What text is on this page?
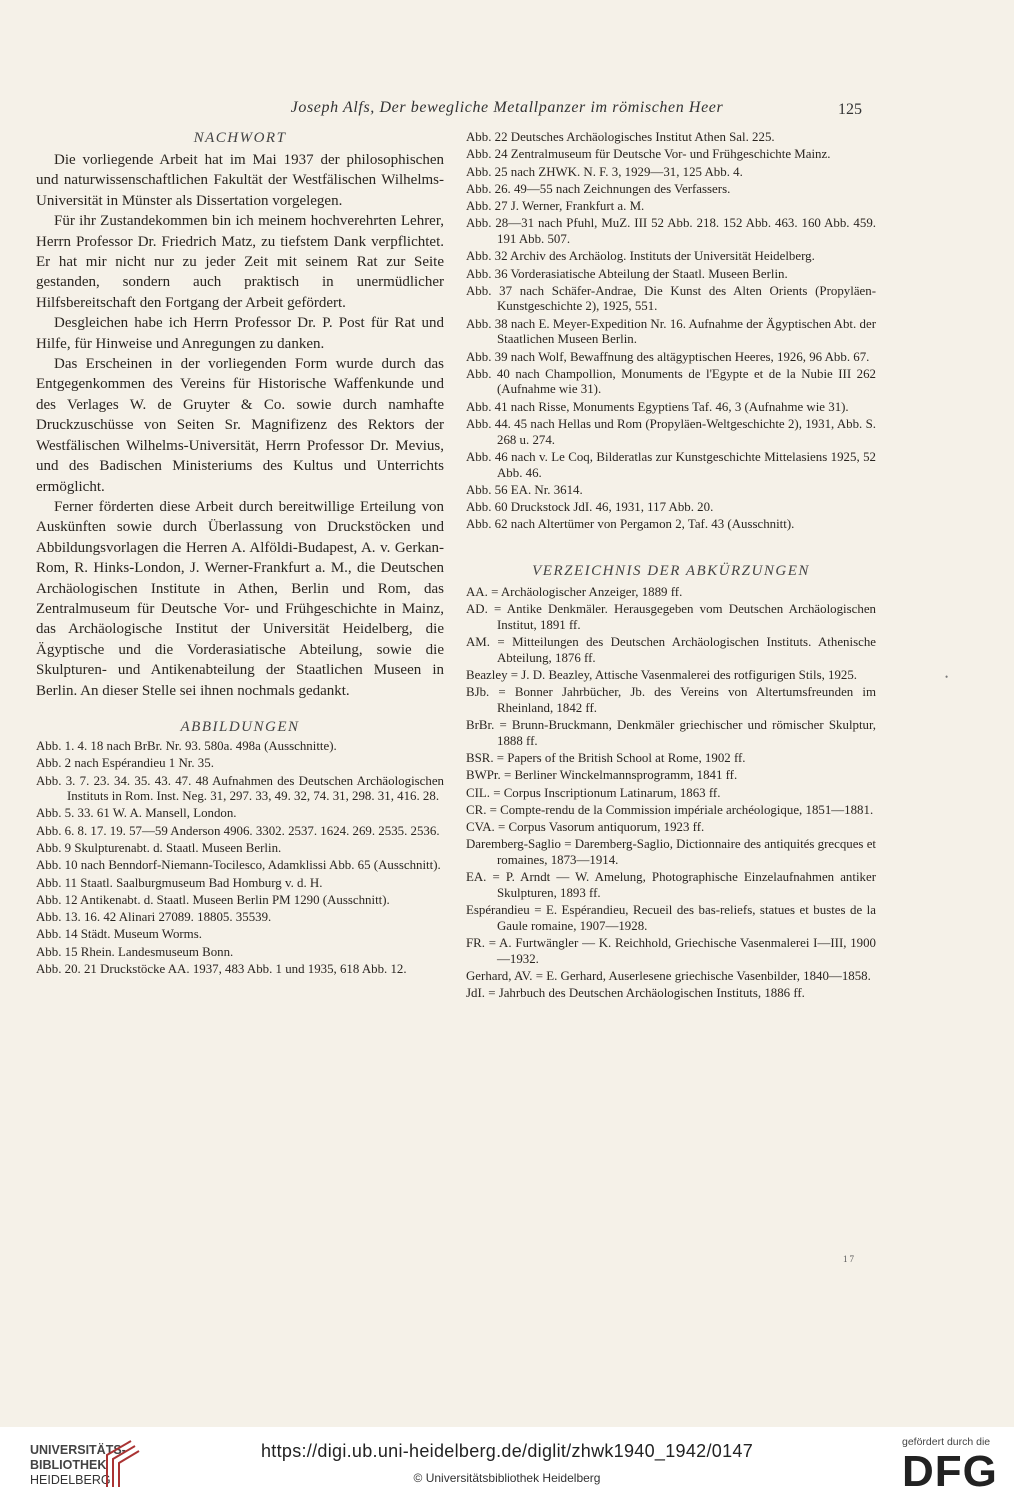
Joseph Alfs, Der bewegliche Metallpanzer im römischen Heer	125
NACHWORT

Die vorliegende Arbeit hat im Mai 1937 der philosophischen und naturwissenschaftlichen Fakultät der Westfälischen Wilhelms-Universität in Münster als Dissertation vorgelegen.

Für ihr Zustandekommen bin ich meinem hochverehrten Lehrer, Herrn Professor Dr. Friedrich Matz, zu tiefstem Dank verpflichtet. Er hat mir nicht nur zu jeder Zeit mit seinem Rat zur Seite gestanden, sondern auch praktisch in unermüdlicher Hilfsbereitschaft den Fortgang der Arbeit gefördert.

Desgleichen habe ich Herrn Professor Dr. P. Post für Rat und Hilfe, für Hinweise und Anregungen zu danken.

Das Erscheinen in der vorliegenden Form wurde durch das Entgegenkommen des Vereins für Historische Waffenkunde und des Verlages W. de Gruyter & Co. sowie durch namhafte Druckzuschüsse von Seiten Sr. Magnifizenz des Rektors der Westfälischen Wilhelms-Universität, Herrn Professor Dr. Mevius, und des Badischen Ministeriums des Kultus und Unterrichts ermöglicht.

Ferner förderten diese Arbeit durch bereitwillige Erteilung von Auskünften sowie durch Überlassung von Druckstöcken und Abbildungsvorlagen die Herren A. Alföldi-Budapest, A. v. Gerkan-Rom, R. Hinks-London, J. Werner-Frankfurt a. M., die Deutschen Archäologischen Institute in Athen, Berlin und Rom, das Zentralmuseum für Deutsche Vor- und Frühgeschichte in Mainz, das Archäologische Institut der Universität Heidelberg, die Ägyptische und die Vorderasiatische Abteilung, sowie die Skulpturen- und Antikenabteilung der Staatlichen Museen in Berlin. An dieser Stelle sei ihnen nochmals gedankt.

ABBILDUNGEN

Abb. 1. 4. 18 nach BrBr. Nr. 93. 580a. 498a (Ausschnitte).

Abb. 2 nach Espérandieu 1 Nr. 35.

Abb. 3. 7. 23. 34. 35. 43. 47. 48 Aufnahmen des Deutschen Archäologischen Instituts in Rom. Inst. Neg. 31, 297. 33, 49. 32, 74. 31, 298. 31, 416. 28.

Abb. 5. 33. 61 W. A. Mansell, London.

Abb. 6. 8. 17. 19. 57—59 Anderson 4906. 3302. 2537. 1624. 269. 2535. 2536.

Abb. 9 Skulpturenabt. d. Staatl. Museen Berlin.

Abb. 10 nach Benndorf-Niemann-Tocilesco, Adamklissi Abb. 65 (Ausschnitt).

Abb. 11 Staatl. Saalburgmuseum Bad Homburg v. d. H.

Abb. 12 Antikenabt. d. Staatl. Museen Berlin PM 1290 (Ausschnitt).

Abb. 13. 16. 42 Alinari 27089. 18805. 35539.

Abb. 14 Städt. Museum Worms.

Abb. 15 Rhein. Landesmuseum Bonn.

Abb. 20. 21 Druckstöcke AA. 1937, 483 Abb. 1 und 1935, 618 Abb. 12.

Abb. 22 Deutsches Archäologisches Institut Athen Sal. 225.

Abb. 24 Zentralmuseum für Deutsche Vor- und Frühgeschichte Mainz.

Abb. 25 nach ZHWK. N. F. 3, 1929—31, 125 Abb. 4.

Abb. 26. 49—55 nach Zeichnungen des Verfassers.

Abb. 27 J. Werner, Frankfurt a. M.

Abb. 28—31 nach Pfuhl, MuZ. III 52 Abb. 218. 152 Abb. 463. 160 Abb. 459. 191 Abb. 507.

Abb. 32 Archiv des Archäolog. Instituts der Universität Heidelberg.

Abb. 36 Vorderasiatische Abteilung der Staatl. Museen Berlin.

Abb. 37 nach Schäfer-Andrae, Die Kunst des Alten Orients (Propyläen-Kunstgeschichte 2), 1925, 551.

Abb. 38 nach E. Meyer-Expedition Nr. 16. Aufnahme der Ägyptischen Abt. der Staatlichen Museen Berlin.

Abb. 39 nach Wolf, Bewaffnung des altägyptischen Heeres, 1926, 96 Abb. 67.

Abb. 40 nach Champollion, Monuments de l'Egypte et de la Nubie III 262 (Aufnahme wie 31).

Abb. 41 nach Risse, Monuments Egyptiens Taf. 46, 3 (Aufnahme wie 31).

Abb. 44. 45 nach Hellas und Rom (Propyläen-Weltgeschichte 2), 1931, Abb. S. 268 u. 274.

Abb. 46 nach v. Le Coq, Bilderatlas zur Kunstgeschichte Mittelasiens 1925, 52 Abb. 46.

Abb. 56 EA. Nr. 3614.

Abb. 60 Druckstock JdI. 46, 1931, 117 Abb. 20.

Abb. 62 nach Altertümer von Pergamon 2, Taf. 43 (Ausschnitt).

VERZEICHNIS DER ABKÜRZUNGEN

AA. = Archäologischer Anzeiger, 1889 ff.

AD. = Antike Denkmäler. Herausgegeben vom Deutschen Archäologischen Institut, 1891 ff.

AM. = Mitteilungen des Deutschen Archäologischen Instituts. Athenische Abteilung, 1876 ff.

Beazley = J. D. Beazley, Attische Vasenmalerei des rotfigurigen Stils, 1925.

BJb. = Bonner Jahrbücher, Jb. des Vereins von Altertumsfreunden im Rheinland, 1842 ff.

BrBr. = Brunn-Bruckmann, Denkmäler griechischer und römischer Skulptur, 1888 ff.

BSR. = Papers of the British School at Rome, 1902 ff.

BWPr. = Berliner Winckelmannsprogramm, 1841 ff.

CIL. = Corpus Inscriptionum Latinarum, 1863 ff.

CR. = Compte-rendu de la Commission impériale archéologique, 1851—1881.

CVA. = Corpus Vasorum antiquorum, 1923 ff.

Daremberg-Saglio = Daremberg-Saglio, Dictionnaire des antiquités grecques et romaines, 1873—1914.

EA. = P. Arndt — W. Amelung, Photographische Einzelaufnahmen antiker Skulpturen, 1893 ff.

Espérandieu = E. Espérandieu, Recueil des bas-reliefs, statues et bustes de la Gaule romaine, 1907—1928.

FR. = A. Furtwängler — K. Reichhold, Griechische Vasenmalerei I—III, 1900—1932.

Gerhard, AV. = E. Gerhard, Auserlesene griechische Vasenbilder, 1840—1858.

JdI. = Jahrbuch des Deutschen Archäologischen Instituts, 1886 ff.

17
•
UNIVERSITÄTS-
BIBLIOTHEK
HEIDELBERG
https://digi.ub.uni-heidelberg.de/diglit/zhwk1940_1942/0147
© Universitätsbibliothek Heidelberg
gefördert durch die
DFG
